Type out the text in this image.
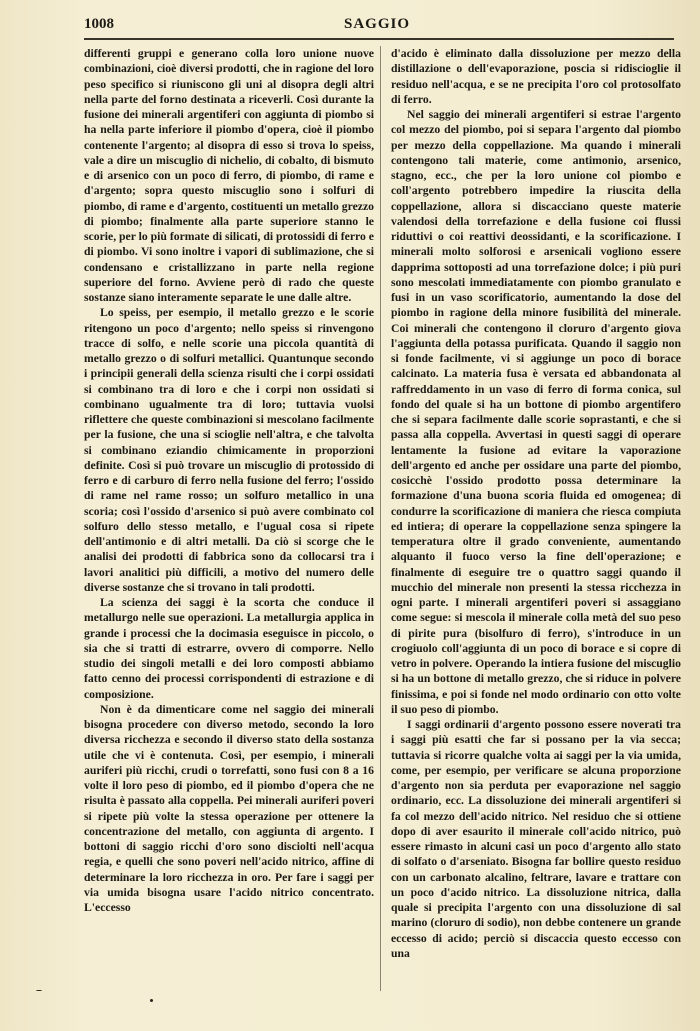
1008	SAGGIO

differenti gruppi e generano colla loro unione nuove combinazioni, cioè diversi prodotti, che in ragione del loro peso specifico si riuniscono gli uni al disopra degli altri nella parte del forno destinata a riceverli. Così durante la fusione dei minerali argentiferi con aggiunta di piombo si ha nella parte inferiore il piombo d'opera, cioè il piombo contenente l'argento; al disopra di esso si trova lo speiss, vale a dire un miscuglio di nichelio, di cobalto, di bismuto e di arsenico con un poco di ferro, di piombo, di rame e d'argento; sopra questo miscuglio sono i solfuri di piombo, di rame e d'argento, costituenti un metallo grezzo di piombo; finalmente alla parte superiore stanno le scorie, per lo più formate di silicati, di protossidi di ferro e di piombo. Vi sono inoltre i vapori di sublimazione, che si condensano e cristallizzano in parte nella regione superiore del forno. Avviene però di rado che queste sostanze siano interamente separate le une dalle altre.

Lo speiss, per esempio, il metallo grezzo e le scorie ritengono un poco d'argento; nello speiss si rinvengono tracce di solfo, e nelle scorie una piccola quantità di metallo grezzo o di solfuri metallici. Quantunque secondo i principii generali della scienza risulti che i corpi ossidati si combinano tra di loro e che i corpi non ossidati si combinano ugualmente tra di loro; tuttavia vuolsi riflettere che queste combinazioni si mescolano facilmente per la fusione, che una si scioglie nell'altra, e che talvolta si combinano eziandio chimicamente in proporzioni definite. Così si può trovare un miscuglio di protossido di ferro e di carburo di ferro nella fusione del ferro; l'ossido di rame nel rame rosso; un solfuro metallico in una scoria; così l'ossido d'arsenico si può avere combinato col solfuro dello stesso metallo, e l'ugual cosa si ripete dell'antimonio e di altri metalli. Da ciò si scorge che le analisi dei prodotti di fabbrica sono da collocarsi tra i lavori analitici più difficili, a motivo del numero delle diverse sostanze che si trovano in tali prodotti.

La scienza dei saggi è la scorta che conduce il metallurgo nelle sue operazioni. La metallurgia applica in grande i processi che la docimasia eseguisce in piccolo, o sia che si tratti di estrarre, ovvero di comporre. Nello studio dei singoli metalli e dei loro composti abbiamo fatto cenno dei processi corrispondenti di estrazione e di composizione.

Non è da dimenticare come nel saggio dei minerali bisogna procedere con diverso metodo, secondo la loro diversa ricchezza e secondo il diverso stato della sostanza utile che vi è contenuta. Così, per esempio, i minerali auriferi più ricchi, crudi o torrefatti, sono fusi con 8 a 16 volte il loro peso di piombo, ed il piombo d'opera che ne risulta è passato alla coppella. Pei minerali auriferi poveri si ripete più volte la stessa operazione per ottenere la concentrazione del metallo, con aggiunta di argento. I bottoni di saggio ricchi d'oro sono disciolti nell'acqua regia, e quelli che sono poveri nell'acido nitrico, affine di determinare la loro ricchezza in oro. Per fare i saggi per via umida bisogna usare l'acido nitrico concentrato. L'eccesso

d'acido è eliminato dalla dissoluzione per mezzo della distillazione o dell'evaporazione, poscia si ridiscioglie il residuo nell'acqua, e se ne precipita l'oro col protosolfato di ferro.

Nel saggio dei minerali argentiferi si estrae l'argento col mezzo del piombo, poi si separa l'argento dal piombo per mezzo della coppellazione. Ma quando i minerali contengono tali materie, come antimonio, arsenico, stagno, ecc., che per la loro unione col piombo e coll'argento potrebbero impedire la riuscita della coppellazione, allora si discacciano queste materie valendosi della torrefazione e della fusione coi flussi riduttivi o coi reattivi deossidanti, e la scorificazione. I minerali molto solforosi e arsenicali vogliono essere dapprima sottoposti ad una torrefazione dolce; i più puri sono mescolati immediatamente con piombo granulato e fusi in un vaso scorificatorio, aumentando la dose del piombo in ragione della minore fusibilità del minerale. Coi minerali che contengono il cloruro d'argento giova l'aggiunta della potassa purificata. Quando il saggio non si fonde facilmente, vi si aggiunge un poco di borace calcinato. La materia fusa è versata ed abbandonata al raffreddamento in un vaso di ferro di forma conica, sul fondo del quale si ha un bottone di piombo argentifero che si separa facilmente dalle scorie soprastanti, e che si passa alla coppella. Avvertasi in questi saggi di operare lentamente la fusione ad evitare la vaporazione dell'argento ed anche per ossidare una parte del piombo, cosicchè l'ossido prodotto possa determinare la formazione d'una buona scoria fluida ed omogenea; di condurre la scorificazione di maniera che riesca compiuta ed intiera; di operare la coppellazione senza spingere la temperatura oltre il grado conveniente, aumentando alquanto il fuoco verso la fine dell'operazione; e finalmente di eseguire tre o quattro saggi quando il mucchio del minerale non presenti la stessa ricchezza in ogni parte. I minerali argentiferi poveri si assaggiano come segue: si mescola il minerale colla metà del suo peso di pirite pura (bisolfuro di ferro), s'introduce in un crogiuolo coll'aggiunta di un poco di borace e si copre di vetro in polvere. Operando la intiera fusione del miscuglio si ha un bottone di metallo grezzo, che si riduce in polvere finissima, e poi si fonde nel modo ordinario con otto volte il suo peso di piombo.

I saggi ordinarii d'argento possono essere noverati tra i saggi più esatti che far si possano per la via secca; tuttavia si ricorre qualche volta ai saggi per la via umida, come, per esempio, per verificare se alcuna proporzione d'argento non sia perduta per evaporazione nel saggio ordinario, ecc. La dissoluzione dei minerali argentiferi si fa col mezzo dell'acido nitrico. Nel residuo che si ottiene dopo di aver esaurito il minerale coll'acido nitrico, può essere rimasto in alcuni casi un poco d'argento allo stato di solfato o d'arseniato. Bisogna far bollire questo residuo con un carbonato alcalino, feltrare, lavare e trattare con un poco d'acido nitrico. La dissoluzione nitrica, dalla quale si precipita l'argento con una dissoluzione di sal marino (cloruro di sodio), non debbe contenere un grande eccesso di acido; perciò si discaccia questo eccesso con una
